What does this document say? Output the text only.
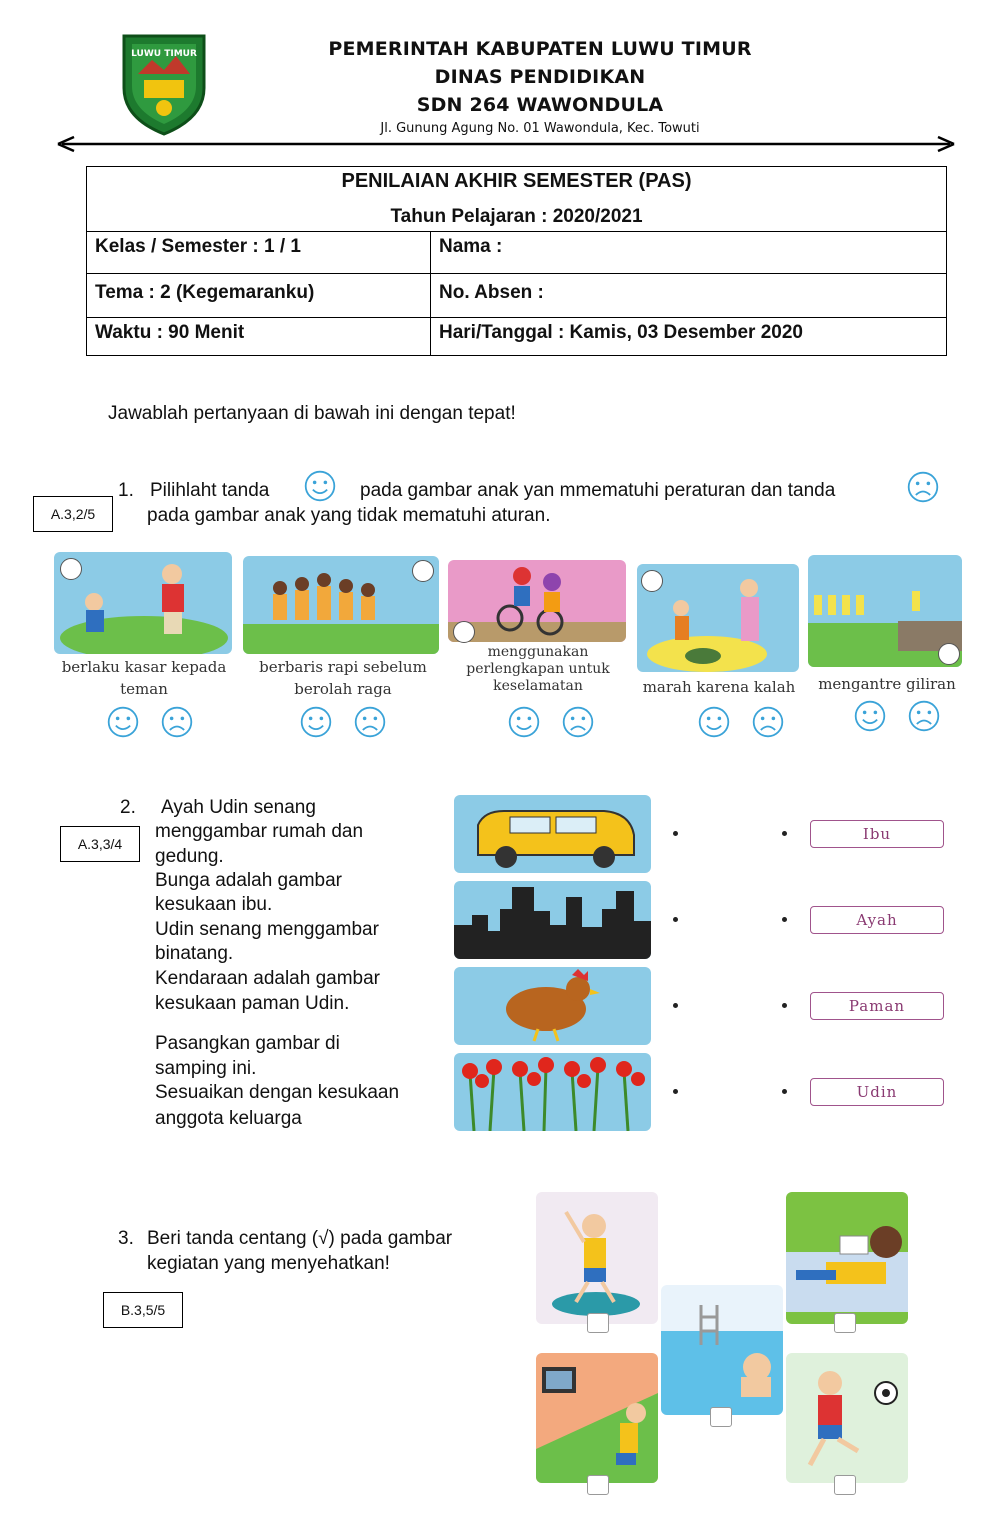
LUWU TIMUR	PEMERINTAH KABUPATEN LUWU TIMUR
DINAS PENDIDIKAN
SDN 264 WAWONDULA
Jl. Gunung Agung No. 01 Wawondula, Kec. Towuti
PENILAIAN AKHIR SEMESTER (PAS)
Tahun Pelajaran : 2020/2021	

Kelas / Semester : 1 / 1	Nama :
Tema : 2 (Kegemaranku)	No. Absen :
Waktu : 90 Menit	Hari/Tanggal : Kamis, 03 Desember 2020
Jawablah pertanyaan di bawah ini dengan tepat!
A.3,2/5
1. Pilihlaht tanda	pada gambar anak yan mmematuhi peraturan dan tanda
pada gambar anak yang tidak mematuhi aturan.
berlaku kasar kepada teman
berbaris rapi sebelum berolah raga
menggunakan perlengkapan untuk keselamatan	marah karena kalah	mengantre giliran
A.3,3/4
2. Ayah Udin senang
menggambar rumah dan
gedung.
Bunga adalah gambar
kesukaan ibu.
Udin senang menggambar
binatang.
Kendaraan adalah gambar
kesukaan paman Udin.
Pasangkan gambar di
samping ini.
Sesuaikan dengan kesukaan
anggota keluarga
Ibu
Ayah
Paman
Udin
3. Beri tanda centang (√) pada gambar
kegiatan yang menyehatkan!
B.3,5/5
